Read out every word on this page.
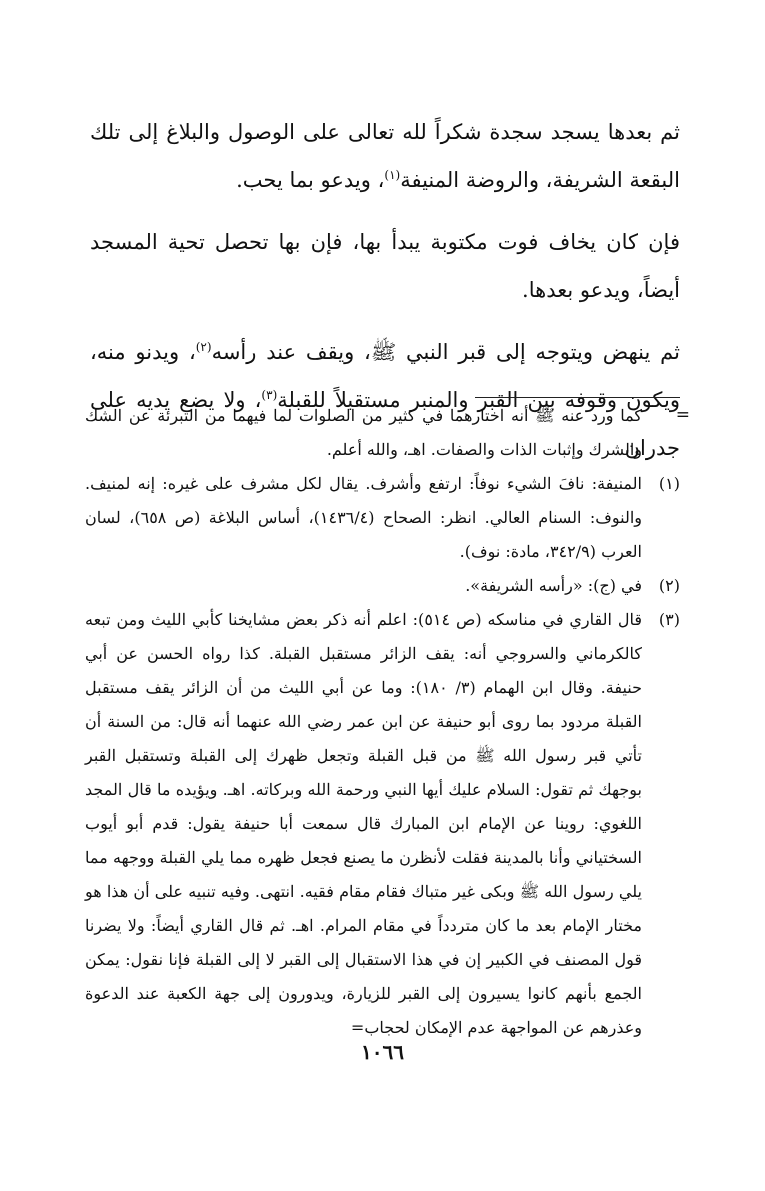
ثم بعدها يسجد سجدة شكراً لله تعالى على الوصول والبلاغ إلى تلك البقعة الشريفة، والروضة المنيفة$^{(١)}$، ويدعو بما يحب.

فإن كان يخاف فوت مكتوبة يبدأ بها، فإن بها تحصل تحية المسجد أيضاً، ويدعو بعدها.

ثم ينهض ويتوجه إلى قبر النبي ﷺ، ويقف عند رأسه$^{(٢)}$، ويدنو منه، ويكون وقوفه بين القبر والمنبر مستقبلاً للقبلة$^{(٣)}$، ولا يضع يديه على جدران

=
كما ورد عنه ﷺ أنه اختارهما في كثير من الصلوات لما فيهما من التبرئة عن الشك والشرك وإثبات الذات والصفات. اهـ، والله أعلم.
(١)
المنيفة: نافَ الشيء نوفاً: ارتفع وأشرف. يقال لكل مشرف على غيره: إنه لمنيف. والنوف: السنام العالي. انظر: الصحاح (١٤٣٦/٤)، أساس البلاغة (ص ٦٥٨)، لسان العرب (٣٤٢/٩، مادة: نوف).
(٢)
في (ج): «رأسه الشريفة».
(٣)
قال القاري في مناسكه (ص ٥١٤): اعلم أنه ذكر بعض مشايخنا كأبي الليث ومن تبعه كالكرماني والسروجي أنه: يقف الزائر مستقبل القبلة. كذا رواه الحسن عن أبي حنيفة. وقال ابن الهمام (٣/ ١٨٠): وما عن أبي الليث من أن الزائر يقف مستقبل القبلة مردود بما روى أبو حنيفة عن ابن عمر رضي الله عنهما أنه قال: من السنة أن تأتي قبر رسول الله ﷺ من قبل القبلة وتجعل ظهرك إلى القبلة وتستقبل القبر بوجهك ثم تقول: السلام عليك أيها النبي ورحمة الله وبركاته. اهـ. ويؤيده ما قال المجد اللغوي: روينا عن الإمام ابن المبارك قال سمعت أبا حنيفة يقول: قدم أبو أيوب السختياني وأنا بالمدينة فقلت لأنظرن ما يصنع فجعل ظهره مما يلي القبلة ووجهه مما يلي رسول الله ﷺ وبكى غير متباك فقام مقام فقيه. انتهى. وفيه تنبيه على أن هذا هو مختار الإمام بعد ما كان متردداً في مقام المرام. اهـ. ثم قال القاري أيضاً: ولا يضرنا قول المصنف في الكبير إن في هذا الاستقبال إلى القبر لا إلى القبلة فإنا نقول: يمكن الجمع بأنهم كانوا يسيرون إلى القبر للزيارة، ويدورون إلى جهة الكعبة عند الدعوة وعذرهم عن المواجهة عدم الإمكان لحجاب=
١٠٦٦
